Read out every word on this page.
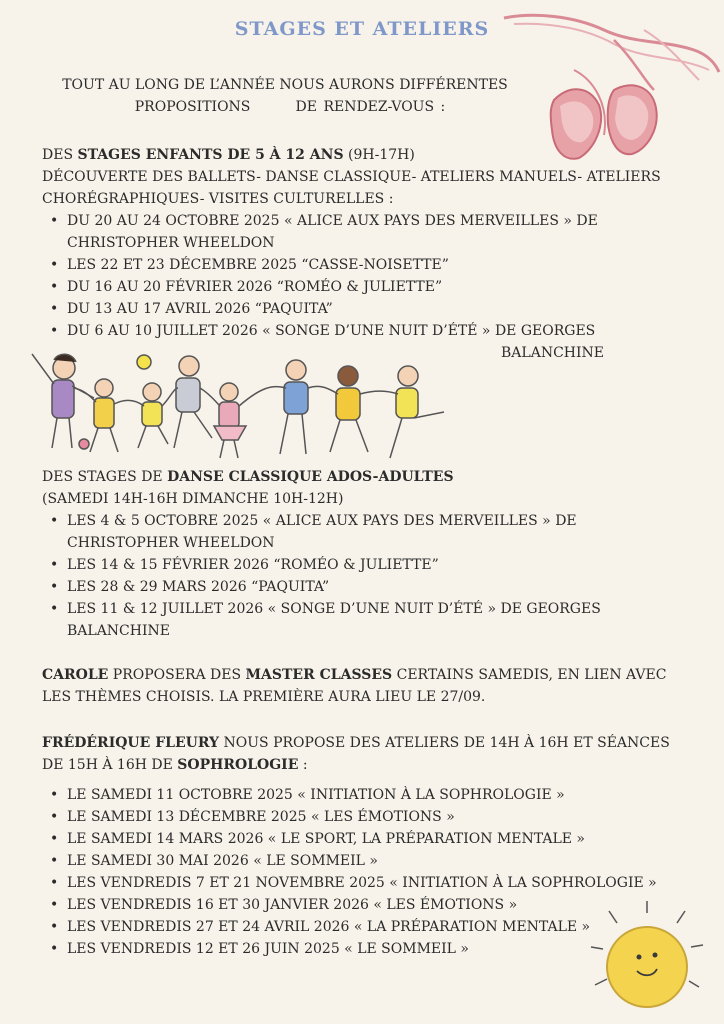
STAGES ET ATELIERS
TOUT AU LONG DE L’ANNÉE NOUS AURONS DIFFÉRENTES
PROPOSITIONS       DE RENDEZ-VOUS :
DES STAGES ENFANTS DE 5 À 12 ANS (9H-17H)
DÉCOUVERTE DES BALLETS- DANSE CLASSIQUE- ATELIERS MANUELS- ATELIERS CHORÉGRAPHIQUES- VISITES CULTURELLES :
• DU 20 AU 24 OCTOBRE 2025 « ALICE AUX PAYS DES MERVEILLES » DE CHRISTOPHER WHEELDON
• LES 22 ET 23 DÉCEMBRE 2025 “CASSE-NOISETTE”
• DU 16 AU 20 FÉVRIER 2026 “ROMÉO & JULIETTE”
• DU 13 AU 17 AVRIL 2026 “PAQUITA”
• DU 6 AU 10 JUILLET 2026 « SONGE D’UNE NUIT D’ÉTÉ » DE GEORGES
BALANCHINE
DES STAGES DE DANSE CLASSIQUE ADOS-ADULTES
(SAMEDI 14H-16H DIMANCHE 10H-12H)
• LES 4 & 5 OCTOBRE 2025 « ALICE AUX PAYS DES MERVEILLES » DE CHRISTOPHER WHEELDON
• LES 14 & 15 FÉVRIER 2026 “ROMÉO & JULIETTE”
• LES 28 & 29 MARS 2026 “PAQUITA”
• LES 11 & 12 JUILLET 2026 « SONGE D’UNE NUIT D’ÉTÉ » DE GEORGES BALANCHINE
CAROLE PROPOSERA DES MASTER CLASSES CERTAINS SAMEDIS, EN LIEN AVEC LES THÈMES CHOISIS. LA PREMIÈRE AURA LIEU LE 27/09.
FRÉDÉRIQUE FLEURY NOUS PROPOSE DES ATELIERS DE 14H À 16H ET SÉANCES DE 15H À 16H DE SOPHROLOGIE :
• LE SAMEDI 11 OCTOBRE 2025 « INITIATION À LA SOPHROLOGIE »
• LE SAMEDI 13 DÉCEMBRE 2025 « LES ÉMOTIONS »
• LE SAMEDI 14 MARS 2026 « LE SPORT, LA PRÉPARATION MENTALE »
• LE SAMEDI 30 MAI 2026 « LE SOMMEIL »
• LES VENDREDIS 7 ET 21 NOVEMBRE 2025 « INITIATION À LA SOPHROLOGIE »
• LES VENDREDIS 16 ET 30 JANVIER 2026 « LES ÉMOTIONS »
• LES VENDREDIS 27 ET 24 AVRIL 2026 « LA PRÉPARATION MENTALE »
• LES VENDREDIS 12 ET 26 JUIN 2025 « LE SOMMEIL »
